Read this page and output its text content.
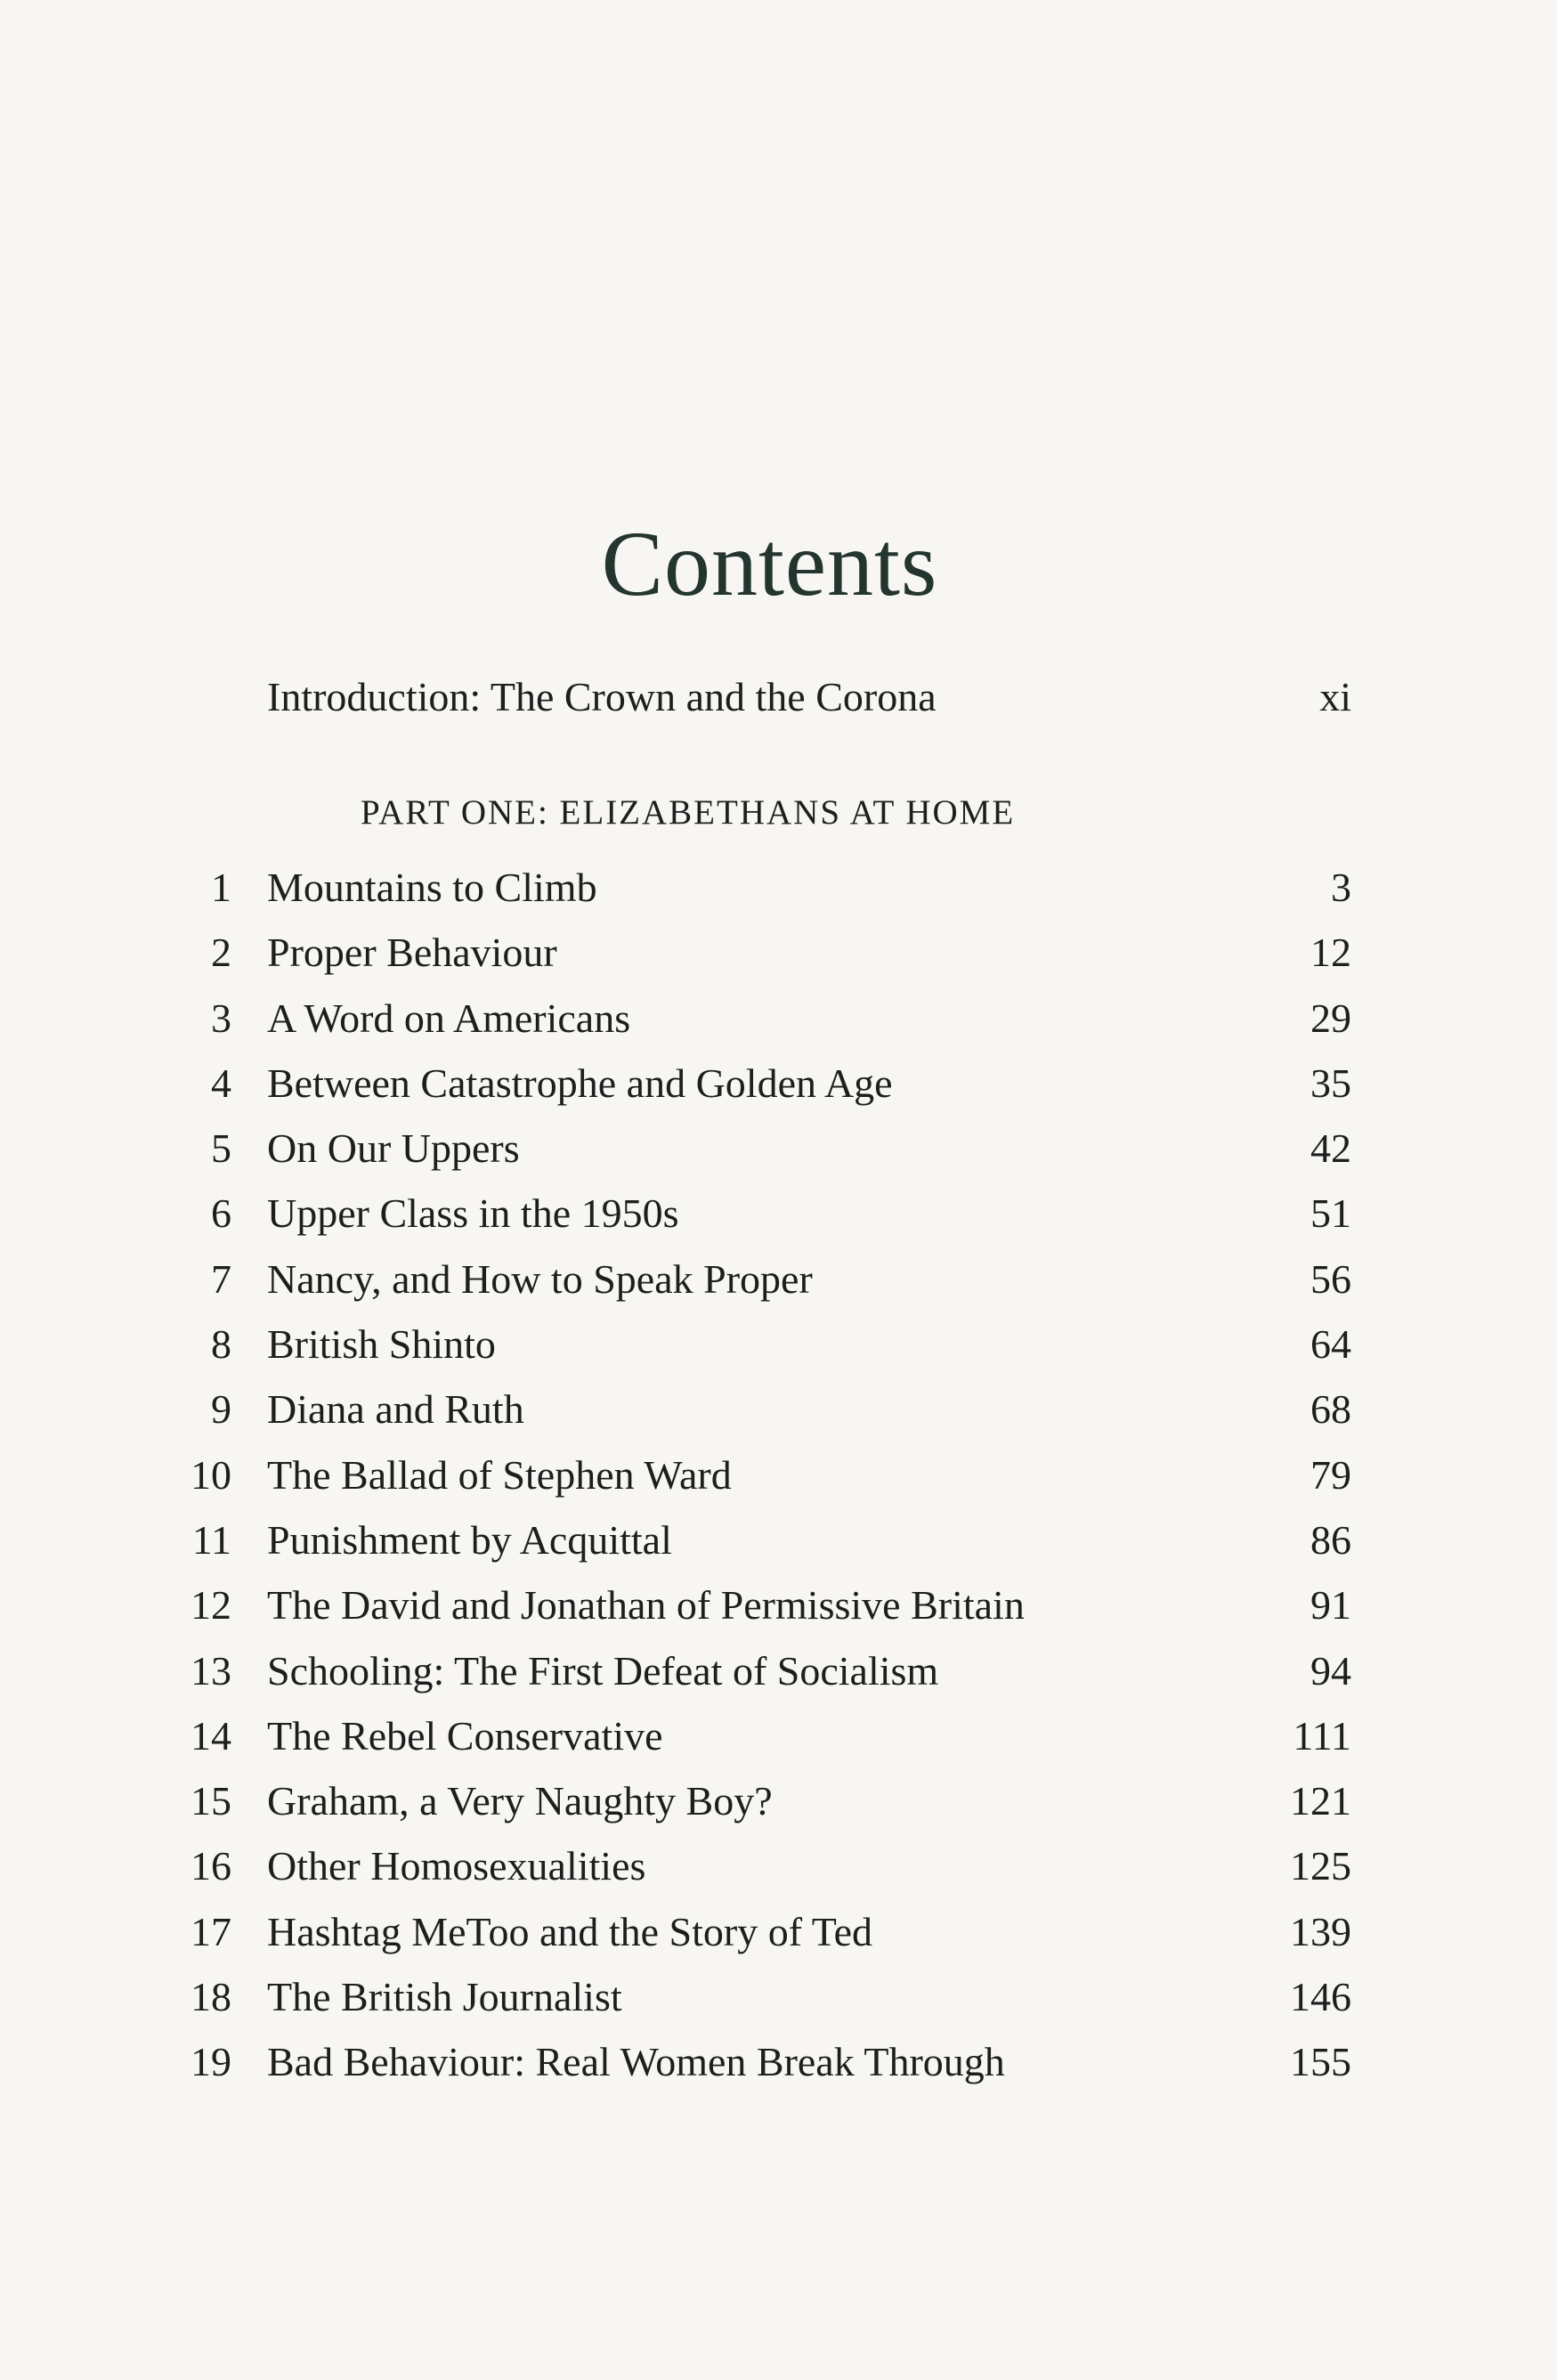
Contents
Introduction: The Crown and the Corona	xi
PART ONE: ELIZABETHANS AT HOME
1 Mountains to Climb	3
2 Proper Behaviour	12
3 A Word on Americans	29
4 Between Catastrophe and Golden Age	35
5 On Our Uppers	42
6 Upper Class in the 1950s	51
7 Nancy, and How to Speak Proper	56
8 British Shinto	64
9 Diana and Ruth	68
10 The Ballad of Stephen Ward	79
11 Punishment by Acquittal	86
12 The David and Jonathan of Permissive Britain	91
13 Schooling: The First Defeat of Socialism	94
14 The Rebel Conservative	111
15 Graham, a Very Naughty Boy?	121
16 Other Homosexualities	125
17 Hashtag MeToo and the Story of Ted	139
18 The British Journalist	146
19 Bad Behaviour: Real Women Break Through	155
